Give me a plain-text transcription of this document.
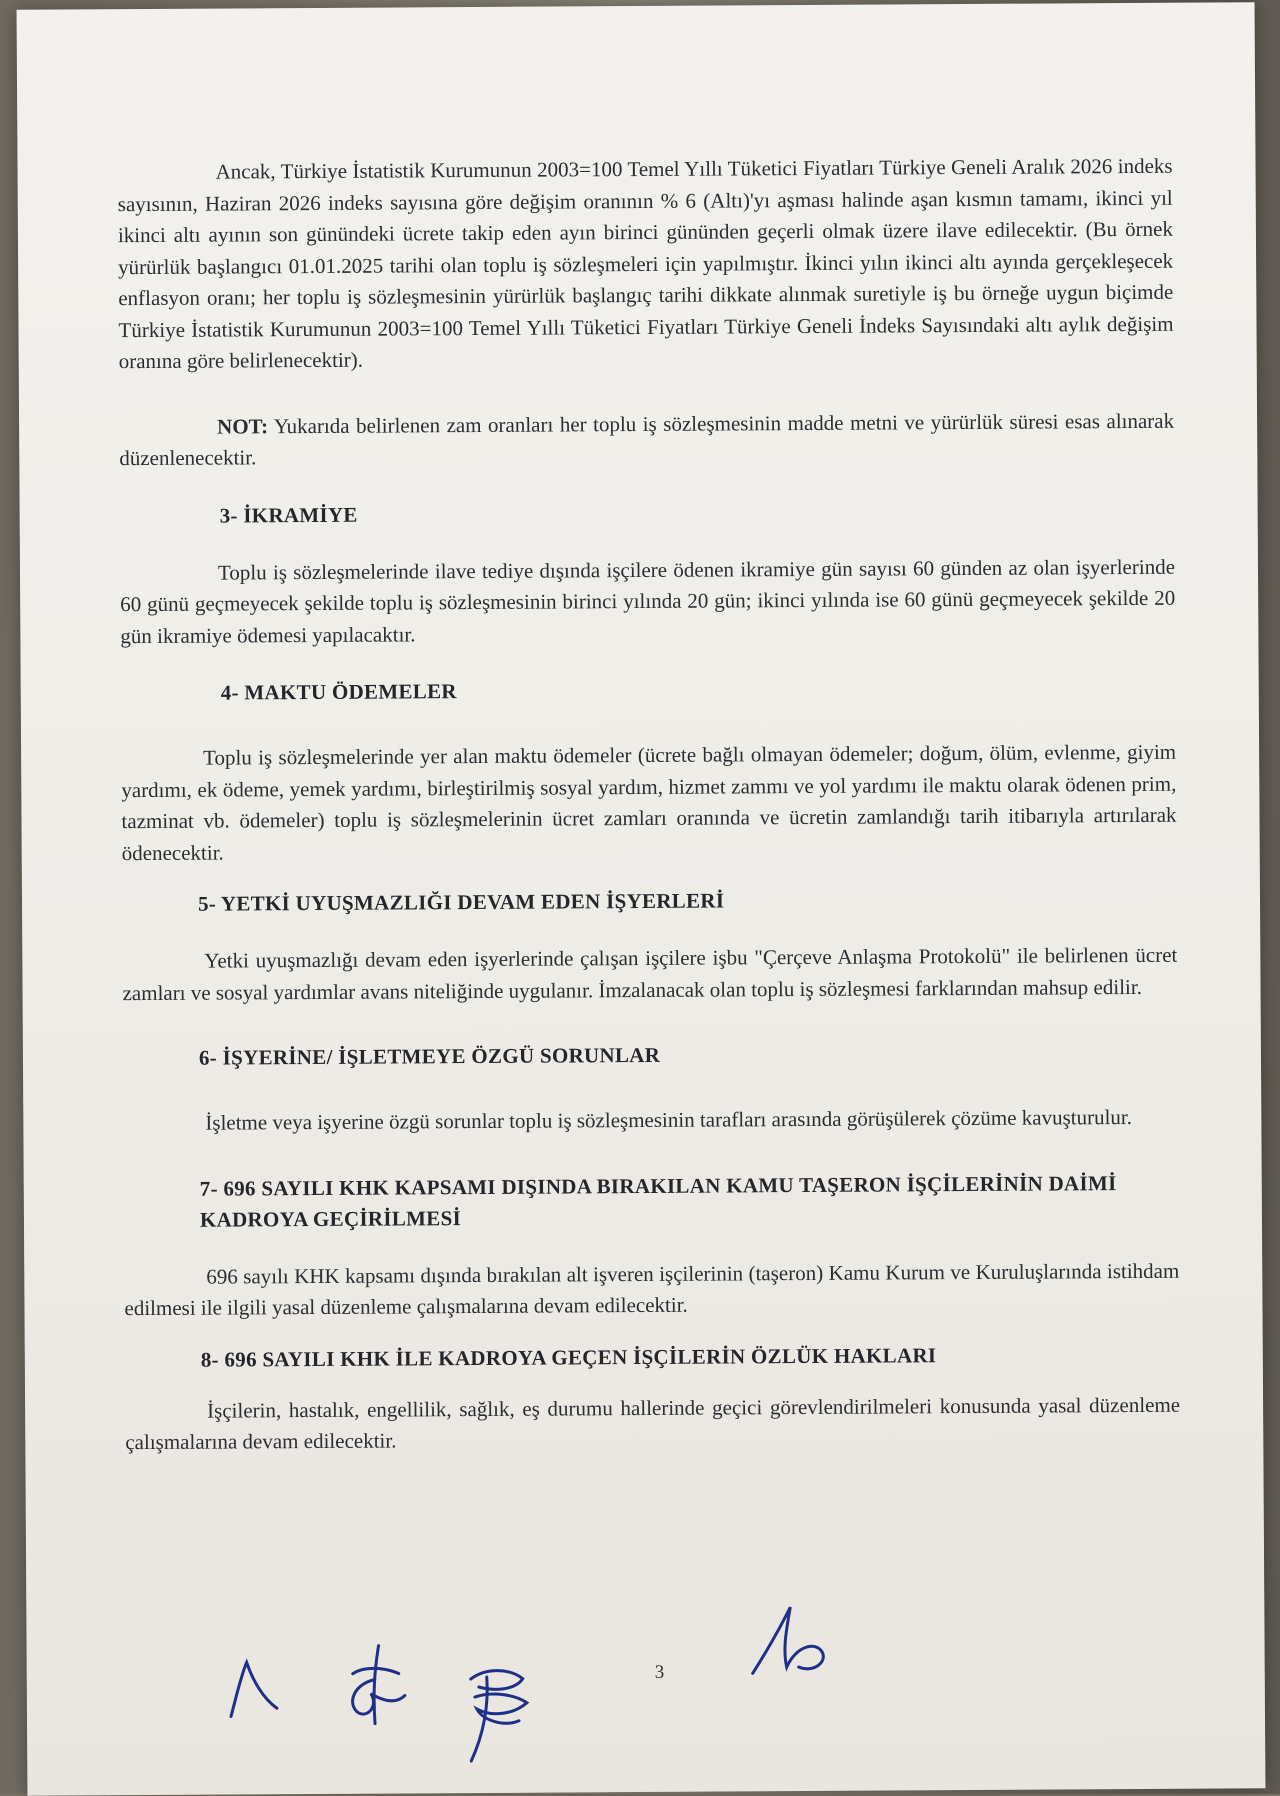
Ancak, Türkiye İstatistik Kurumunun 2003=100 Temel Yıllı Tüketici Fiyatları Türkiye Geneli Aralık 2026 indeks sayısının, Haziran 2026 indeks sayısına göre değişim oranının % 6 (Altı)'yı aşması halinde aşan kısmın tamamı, ikinci yıl ikinci altı ayının son günündeki ücrete takip eden ayın birinci gününden geçerli olmak üzere ilave edilecektir. (Bu örnek yürürlük başlangıcı 01.01.2025 tarihi olan toplu iş sözleşmeleri için yapılmıştır. İkinci yılın ikinci altı ayında gerçekleşecek enflasyon oranı; her toplu iş sözleşmesinin yürürlük başlangıç tarihi dikkate alınmak suretiyle iş bu örneğe uygun biçimde Türkiye İstatistik Kurumunun 2003=100 Temel Yıllı Tüketici Fiyatları Türkiye Geneli İndeks Sayısındaki altı aylık değişim oranına göre belirlenecektir).

NOT: Yukarıda belirlenen zam oranları her toplu iş sözleşmesinin madde metni ve yürürlük süresi esas alınarak düzenlenecektir.

3- İKRAMİYE

Toplu iş sözleşmelerinde ilave tediye dışında işçilere ödenen ikramiye gün sayısı 60 günden az olan işyerlerinde 60 günü geçmeyecek şekilde toplu iş sözleşmesinin birinci yılında 20 gün; ikinci yılında ise 60 günü geçmeyecek şekilde 20 gün ikramiye ödemesi yapılacaktır.

4- MAKTU ÖDEMELER

Toplu iş sözleşmelerinde yer alan maktu ödemeler (ücrete bağlı olmayan ödemeler; doğum, ölüm, evlenme, giyim yardımı, ek ödeme, yemek yardımı, birleştirilmiş sosyal yardım, hizmet zammı ve yol yardımı ile maktu olarak ödenen prim, tazminat vb. ödemeler) toplu iş sözleşmelerinin ücret zamları oranında ve ücretin zamlandığı tarih itibarıyla artırılarak ödenecektir.

5- YETKİ UYUŞMAZLIĞI DEVAM EDEN İŞYERLERİ

Yetki uyuşmazlığı devam eden işyerlerinde çalışan işçilere işbu "Çerçeve Anlaşma Protokolü" ile belirlenen ücret zamları ve sosyal yardımlar avans niteliğinde uygulanır. İmzalanacak olan toplu iş sözleşmesi farklarından mahsup edilir.

6- İŞYERİNE/ İŞLETMEYE ÖZGÜ SORUNLAR

İşletme veya işyerine özgü sorunlar toplu iş sözleşmesinin tarafları arasında görüşülerek çözüme kavuşturulur.

7- 696 SAYILI KHK KAPSAMI DIŞINDA BIRAKILAN KAMU TAŞERON İŞÇİLERİNİN DAİMİ KADROYA GEÇİRİLMESİ

696 sayılı KHK kapsamı dışında bırakılan alt işveren işçilerinin (taşeron) Kamu Kurum ve Kuruluşlarında istihdam edilmesi ile ilgili yasal düzenleme çalışmalarına devam edilecektir.

8- 696 SAYILI KHK İLE KADROYA GEÇEN İŞÇİLERİN ÖZLÜK HAKLARI

İşçilerin, hastalık, engellilik, sağlık, eş durumu hallerinde geçici görevlendirilmeleri konusunda yasal düzenleme çalışmalarına devam edilecektir.

3
